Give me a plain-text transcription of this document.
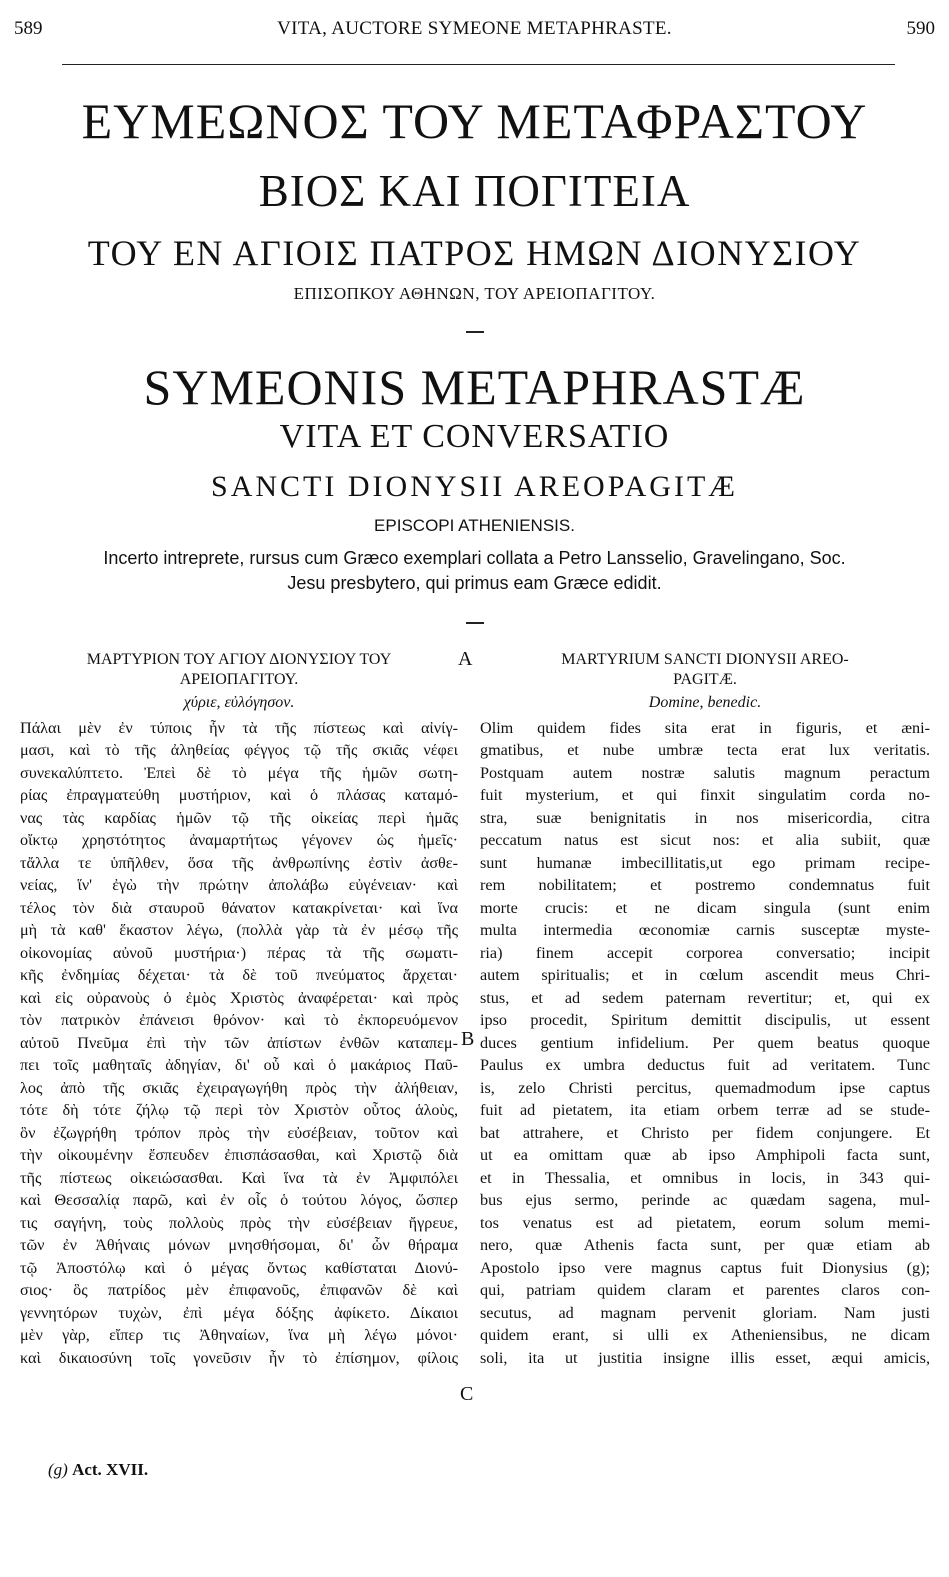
589	VITA, AUCTORE SYMEONE METAPHRASTE.	590
ΕΥΜΕΩΝΟΣ ΤΟΥ ΜΕΤΑΦΡΑΣΤΟΥ
ΒΙΟΣ ΚΑΙ ΠΟΓΙΤΕΙΑ
ΤΟΥ ΕΝ ΑΓΙΟΙΣ ΠΑΤΡΟΣ ΗΜΩΝ ΔΙΟΝΥΣΙΟΥ
ΕΠΙΣΟΠΚΟΥ ΑΘΗΝΩΝ, ΤΟΥ ΑΡΕΙΟΠΑΓΙΤΟΥ.
SYMEONIS METAPHRASTÆ
VITA ET CONVERSATIO
SANCTI DIONYSII AREOPAGITÆ
EPISCOPI ATHENIENSIS.
Incerto intreprete, rursus cum Græco exemplari collata a Petro Lansselio, Gravelingano, Soc.
Jesu presbytero, qui primus eam Græce edidit.
ΜΑΡΤΥΡΙΟΝ ΤΟΥ ΑΓΙΟΥ ΔΙΟΝΥΣΙΟΥ ΤΟΥ
ΑΡΕΙΟΠΑΓΙΤΟΥ.
χύριε, εὐλόγησον.
Πάλαι μὲν ἐν τύποις ἦν τὰ τῆς πίστεως καὶ αἰνίγ-
μασι, καὶ τὸ τῆς ἀληθείας φέγγος τῷ τῆς σκιᾶς νέφει
συνεκαλύπτετο. Ἐπεὶ δὲ τὸ μέγα τῆς ἡμῶν σωτη-
ρίας ἐπραγματεύθη μυστήριον, καὶ ὁ πλάσας καταμό-
νας τὰς καρδίας ἡμῶν τῷ τῆς οἰκείας περὶ ἡμᾶς
οἴκτῳ χρηστότητος ἀναμαρτήτως γέγονεν ὡς ἡμεῖς·
τἄλλα τε ὑπῆλθεν, ὅσα τῆς ἀνθρωπίνης ἐστὶν ἀσθε-
νείας, ἵν' ἐγὼ τὴν πρώτην ἀπολάβω εὐγένειαν· καὶ
τέλος τὸν διὰ σταυροῦ θάνατον κατακρίνεται· καὶ ἵνα
μὴ τὰ καθ' ἕκαστον λέγω, (πολλὰ γὰρ τὰ ἐν μέσῳ τῆς
οἰκονομίας αὐνοῦ μυστήρια·) πέρας τὰ τῆς σωματι-
κῆς ἐνδημίας δέχεται· τὰ δὲ τοῦ πνεύματος ἄρχεται·
καὶ εἰς οὐρανοὺς ὁ ἐμὸς Χριστὸς ἀναφέρεται· καὶ πρὸς
τὸν πατρικὸν ἐπάνεισι θρόνον· καὶ τὸ ἐκπορευόμενον
αὐτοῦ Πνεῦμα ἐπὶ τὴν τῶν ἀπίστων ἐνθῶν καταπεμ-
πει τοῖς μαθηταῖς ἀδηγίαν, δι' οὗ καὶ ὁ μακάριος Παῦ-
λος ἀπὸ τῆς σκιᾶς ἐχειραγωγήθη πρὸς τὴν ἀλήθειαν,
τότε δὴ τότε ζήλῳ τῷ περὶ τὸν Χριστὸν οὗτος ἁλοὺς,
ὃν ἐζωγρήθη τρόπον πρὸς τὴν εὐσέβειαν, τοῦτον καὶ
τὴν οἰκουμένην ἔσπευδεν ἐπισπάσασθαι, καὶ Χριστῷ διὰ
τῆς πίστεως οἰκειώσασθαι. Καὶ ἵνα τὰ ἐν Ἀμφιπόλει
καὶ Θεσσαλίᾳ παρῶ, καὶ ἐν οἷς ὁ τούτου λόγος, ὥσπερ
τις σαγήνη, τοὺς πολλοὺς πρὸς τὴν εὐσέβειαν ἤγρευε,
τῶν ἐν Ἀθήναις μόνων μνησθήσομαι, δι' ὧν θήραμα
τῷ Ἀποστόλῳ καὶ ὁ μέγας ὄντως καθίσταται Διονύ-
σιος· ὃς πατρίδος μὲν ἐπιφανοῦς, ἐπιφανῶν δὲ καὶ
γεννητόρων τυχὼν, ἐπὶ μέγα δόξης ἀφίκετο. Δίκαιοι
μὲν γὰρ, εἴπερ τις Ἀθηναίων, ἵνα μὴ λέγω μόνοι·
καὶ δικαιοσύνη τοῖς γονεῦσιν ἦν τὸ ἐπίσημον, φίλοις
A
B
C
MARTYRIUM SANCTI DIONYSII AREO-
PAGITÆ.
Domine, benedic.
Olim quidem fides sita erat in figuris, et æni-
gmatibus, et nube umbræ tecta erat lux veritatis.
Postquam autem nostræ salutis magnum peractum
fuit mysterium, et qui finxit singulatim corda no-
stra, suæ benignitatis in nos misericordia, citra
peccatum natus est sicut nos: et alia subiit, quæ
sunt humanæ imbecillitatis,ut ego primam recipe-
rem nobilitatem; et postremo condemnatus fuit
morte crucis: et ne dicam singula (sunt enim
multa intermedia œconomiæ carnis susceptæ myste-
ria) finem accepit corporea conversatio; incipit
autem spiritualis; et in cœlum ascendit meus Chri-
stus, et ad sedem paternam revertitur; et, qui ex
ipso procedit, Spiritum demittit discipulis, ut essent
duces gentium infidelium. Per quem beatus quoque
Paulus ex umbra deductus fuit ad veritatem. Tunc
is, zelo Christi percitus, quemadmodum ipse captus
fuit ad pietatem, ita etiam orbem terræ ad se stude-
bat attrahere, et Christo per fidem conjungere. Et
ut ea omittam quæ ab ipso Amphipoli facta sunt,
et in Thessalia, et omnibus in locis, in 343 qui-
bus ejus sermo, perinde ac quædam sagena, mul-
tos venatus est ad pietatem, eorum solum memi-
nero, quæ Athenis facta sunt, per quæ etiam ab
Apostolo ipso vere magnus captus fuit Dionysius (g);
qui, patriam quidem claram et parentes claros con-
secutus, ad magnam pervenit gloriam. Nam justi
quidem erant, si ulli ex Atheniensibus, ne dicam
soli, ita ut justitia insigne illis esset, æqui amicis,
(g) Act. XVII.
